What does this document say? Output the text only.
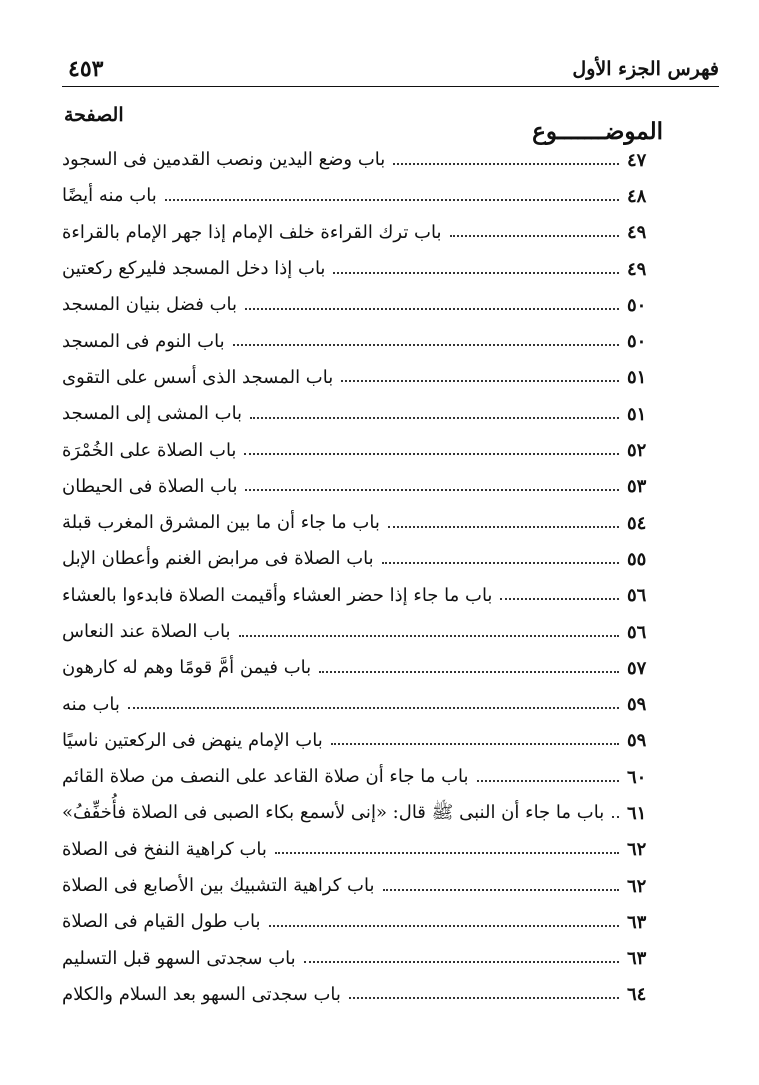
فهرس الجزء الأول
٤٥٣
الموضـــــــوع
الصفحة
باب وضع اليدين ونصب القدمين فى السجود	٤٧
باب منه أيضًا	٤٨
باب ترك القراءة خلف الإمام إذا جهر الإمام بالقراءة	٤٩
باب إذا دخل المسجد فليركع ركعتين	٤٩
باب فضل بنيان المسجد	٥٠
باب النوم فى المسجد	٥٠
باب المسجد الذى أسس على التقوى	٥١
باب المشى إلى المسجد	٥١
باب الصلاة على الخُمْرَة	٥٢
باب الصلاة فى الحيطان	٥٣
باب ما جاء أن ما بين المشرق المغرب قبلة	٥٤
باب الصلاة فى مرابض الغنم وأعطان الإبل	٥٥
باب ما جاء إذا حضر العشاء وأقيمت الصلاة فابدءوا بالعشاء	٥٦
باب الصلاة عند النعاس	٥٦
باب فيمن أمَّ قومًا وهم له كارهون	٥٧
باب منه	٥٩
باب الإمام ينهض فى الركعتين ناسيًا	٥٩
باب ما جاء أن صلاة القاعد على النصف من صلاة القائم	٦٠
باب ما جاء أن النبى ﷺ قال: «إنى لأسمع بكاء الصبى فى الصلاة فأُخفِّفُ» ٦١
باب كراهية النفخ فى الصلاة	٦٢
باب كراهية التشبيك بين الأصابع فى الصلاة	٦٢
باب طول القيام فى الصلاة	٦٣
باب سجدتى السهو قبل التسليم	٦٣
باب سجدتى السهو بعد السلام والكلام	٦٤
